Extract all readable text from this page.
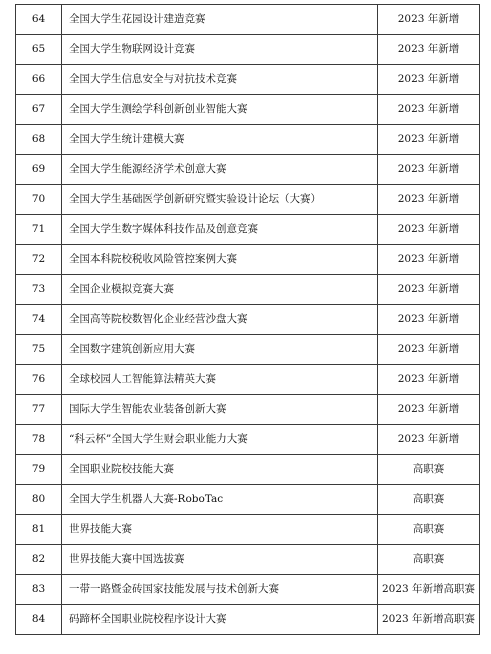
64	全国大学生花园设计建造竞赛	2023 年新增
65	全国大学生物联网设计竞赛	2023 年新增
66	全国大学生信息安全与对抗技术竞赛	2023 年新增
67	全国大学生测绘学科创新创业智能大赛	2023 年新增
68	全国大学生统计建模大赛	2023 年新增
69	全国大学生能源经济学术创意大赛	2023 年新增
70	全国大学生基础医学创新研究暨实验设计论坛（大赛）	2023 年新增
71	全国大学生数字媒体科技作品及创意竞赛	2023 年新增
72	全国本科院校税收风险管控案例大赛	2023 年新增
73	全国企业模拟竞赛大赛	2023 年新增
74	全国高等院校数智化企业经营沙盘大赛	2023 年新增
75	全国数字建筑创新应用大赛	2023 年新增
76	全球校园人工智能算法精英大赛	2023 年新增
77	国际大学生智能农业装备创新大赛	2023 年新增
78	“科云杯”全国大学生财会职业能力大赛	2023 年新增
79	全国职业院校技能大赛	高职赛
80	全国大学生机器人大赛-RoboTac	高职赛
81	世界技能大赛	高职赛
82	世界技能大赛中国选拔赛	高职赛
83	一带一路暨金砖国家技能发展与技术创新大赛	2023 年新增高职赛
84	码蹄杯全国职业院校程序设计大赛	2023 年新增高职赛
